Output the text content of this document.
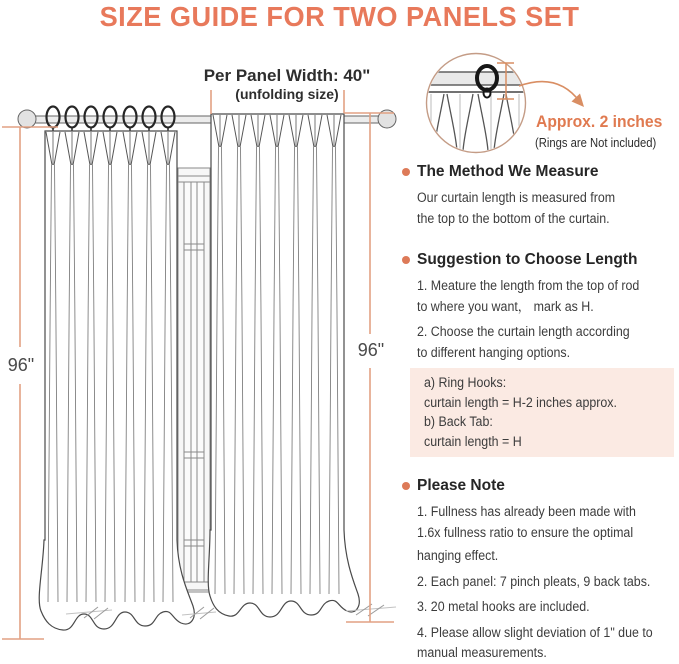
SIZE GUIDE FOR TWO PANELS SET
Per Panel Width: 40"
(unfolding size)
96"
96"
Approx. 2 inches
(Rings are Not included)
The Method We Measure
Our curtain length is measured from
the top to the bottom of the curtain.
Suggestion to Choose Length
1. Meature the length from the top of rod
to where you want， mark as H.
2. Choose the curtain length according
to different hanging options.
a) Ring Hooks:
curtain length = H-2 inches approx.
b) Back Tab:
curtain length = H
Please Note
1. Fullness has already been made with
1.6x fullness ratio to ensure the optimal
hanging effect.
2. Each panel: 7 pinch pleats, 9 back tabs.
3. 20 metal hooks are included.
4. Please allow slight deviation of 1" due to
manual measurements.
